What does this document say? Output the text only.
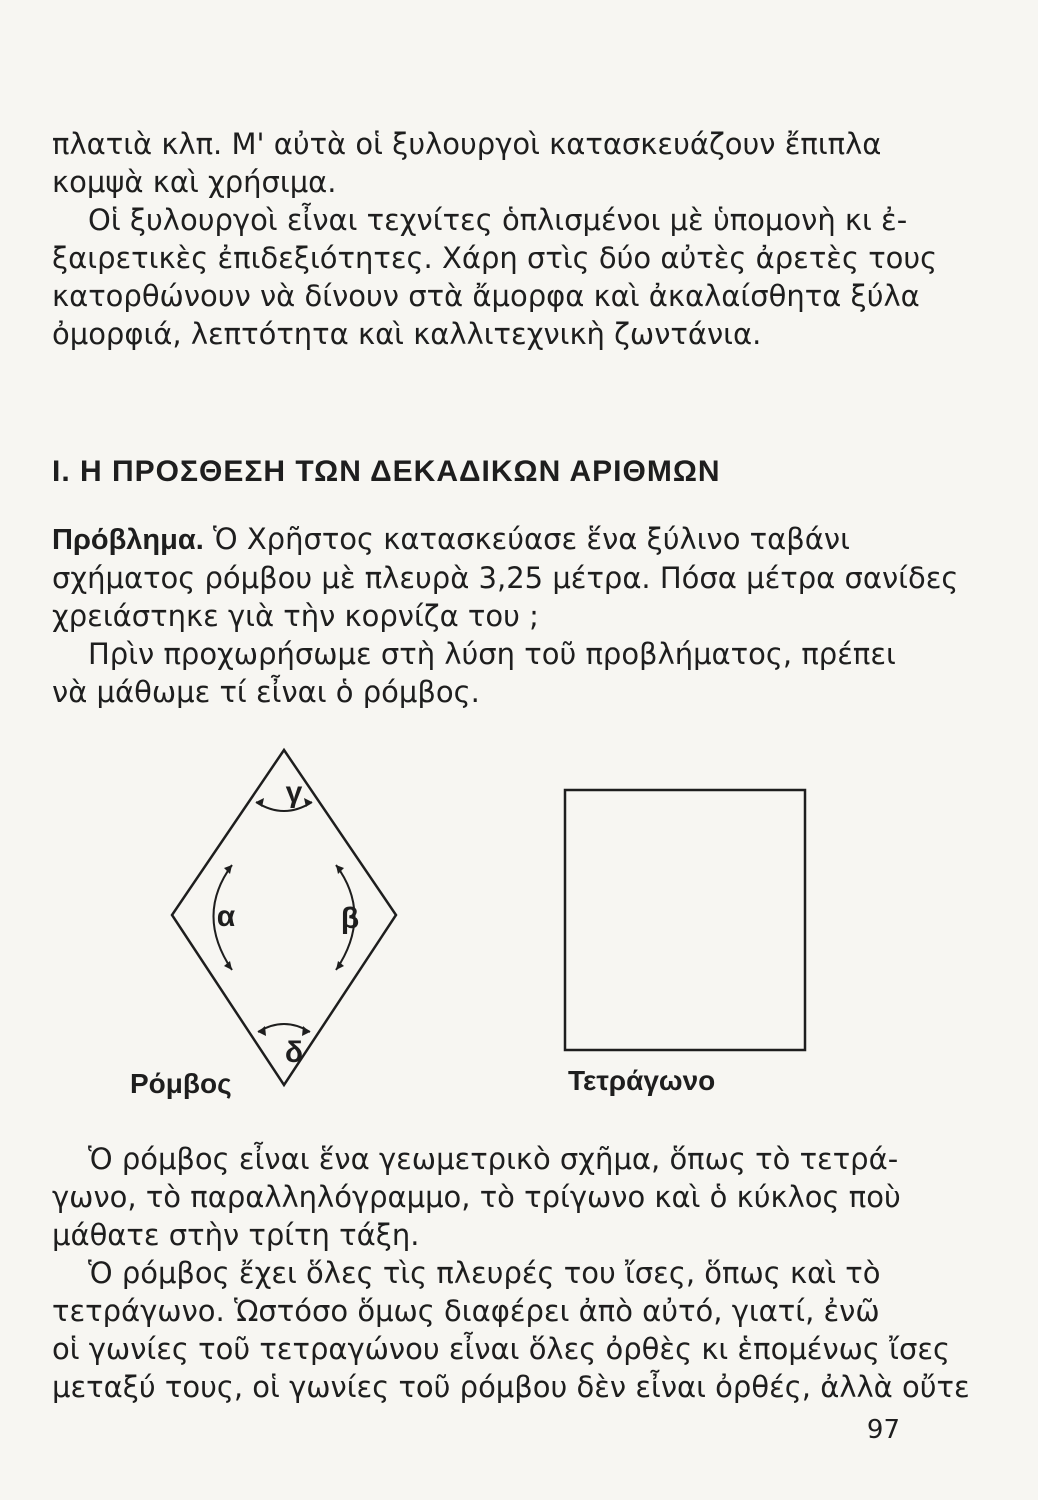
πλατιὰ κλπ. Μ' αὐτὰ οἱ ξυλουργοὶ κατασκευάζουν ἔπιπλα
κομψὰ καὶ χρήσιμα.
Οἱ ξυλουργοὶ εἶναι τεχνίτες ὁπλισμένοι μὲ ὑπομονὴ κι ἐ-
ξαιρετικὲς ἐπιδεξιότητες. Χάρη στὶς δύο αὐτὲς ἀρετὲς τους
κατορθώνουν νὰ δίνουν στὰ ἄμορφα καὶ ἀκαλαίσθητα ξύλα
ὀμορφιά, λεπτότητα καὶ καλλιτεχνικὴ ζωντάνια.
Ι. Η ΠΡΟΣΘΕΣΗ ΤΩΝ ΔΕΚΑΔΙΚΩΝ ΑΡΙΘΜΩΝ
Πρόβλημα. Ὁ Χρῆστος κατασκεύασε ἕνα ξύλινο ταβάνι
σχήματος ρόμβου μὲ πλευρὰ 3,25 μέτρα. Πόσα μέτρα σανίδες
χρειάστηκε γιὰ τὴν κορνίζα του ;
Πρὶν προχωρήσωμε στὴ λύση τοῦ προβλήματος, πρέπει
νὰ μάθωμε τί εἶναι ὁ ρόμβος.
γ
α	β
δ
Ρόμβος	Τετράγωνο
Ὁ ρόμβος εἶναι ἕνα γεωμετρικὸ σχῆμα, ὅπως τὸ τετρά-
γωνο, τὸ παραλληλόγραμμο, τὸ τρίγωνο καὶ ὁ κύκλος ποὺ
μάθατε στὴν τρίτη τάξη.
Ὁ ρόμβος ἔχει ὅλες τὶς πλευρές του ἴσες, ὅπως καὶ τὸ
τετράγωνο. Ὡστόσο ὅμως διαφέρει ἀπὸ αὐτό, γιατί, ἐνῶ
οἱ γωνίες τοῦ τετραγώνου εἶναι ὅλες ὀρθὲς κι ἑπομένως ἴσες
μεταξύ τους, οἱ γωνίες τοῦ ρόμβου δὲν εἶναι ὀρθές, ἀλλὰ οὔτε
97
